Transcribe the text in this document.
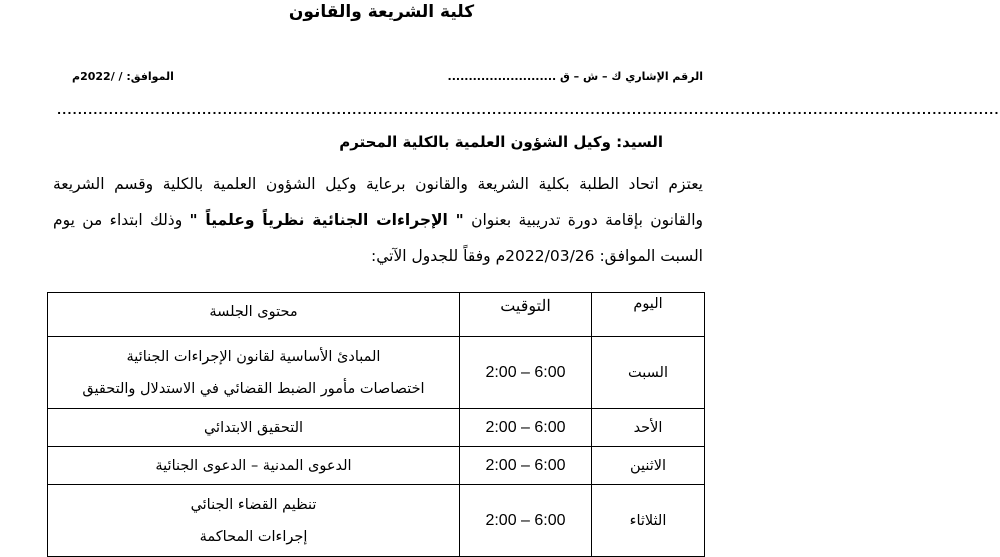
كلية الشريعة والقانون
الرقم الإشاري ك – ش – ق ..........................
الموافق: / /2022م
......................................................................................................................................................................................
السيد: وكيل الشؤون العلمية بالكلية المحترم
يعتزم اتحاد الطلبة بكلية الشريعة والقانون برعاية وكيل الشؤون العلمية بالكلية وقسم الشريعة
والقانون بإقامة دورة تدريبية بعنوان " الإجراءات الجنائية نظرياً وعلمياً " وذلك ابتداء من يوم
السبت الموافق: 2022/03/26م وفقاً للجدول الآتي:
اليوم	التوقيت	محتوى الجلسة
السبت	2:00 – 6:00	المبادئ الأساسية لقانون الإجراءات الجنائية
اختصاصات مأمور الضبط القضائي في الاستدلال والتحقيق

الأحد	2:00 – 6:00	التحقيق الابتدائي

الاثنين	2:00 – 6:00	الدعوى المدنية – الدعوى الجنائية

الثلاثاء	2:00 – 6:00	تنظيم القضاء الجنائي
إجراءات المحاكمة
